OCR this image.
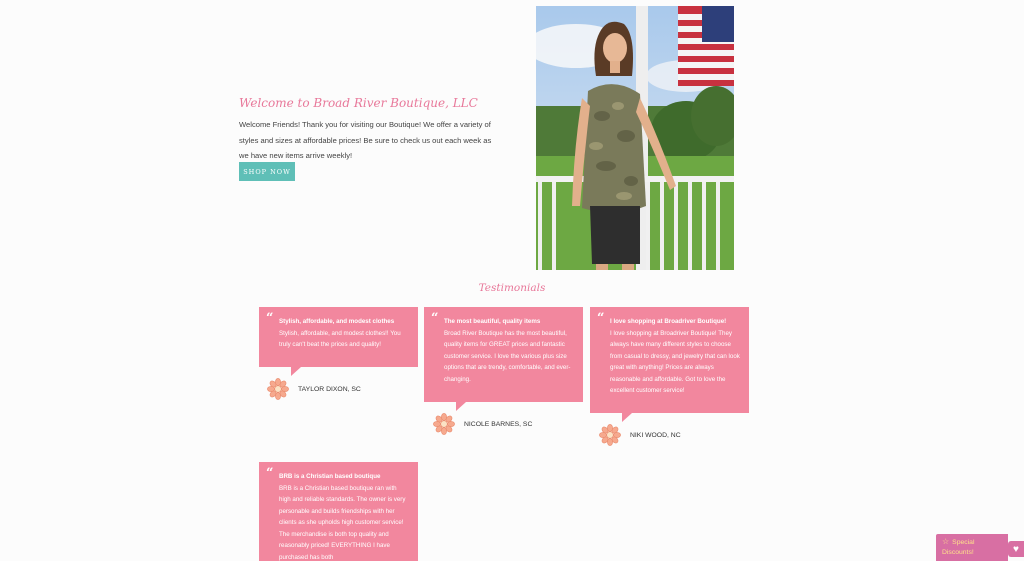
Welcome to Broad River Boutique, LLC

Welcome Friends! Thank you for visiting our Boutique! We offer a variety of styles and sizes at affordable prices! Be sure to check us out each week as we have new items arrive weekly!

SHOP NOW
Testimonials
“ Stylish, affordable, and modest clothes
Stylish, affordable, and modest clothes!! You truly can't beat the prices and quality!
TAYLOR DIXON, SC
“ The most beautiful, quality items
Broad River Boutique has the most beautiful, quality items for GREAT prices and fantastic customer service. I love the various plus size options that are trendy, comfortable, and ever-changing.
NICOLE BARNES, SC
“ I love shopping at Broadriver Boutique!
I love shopping at Broadriver Boutique! They always have many different styles to choose from casual to dressy, and jewelry that can look great with anything! Prices are always reasonable and affordable. Got to love the excellent customer service!
NIKI WOOD, NC
“ BRB is a Christian based boutique
BRB is a Christian based boutique ran with high and reliable standards. The owner is very personable and builds friendships with her clients as she upholds high customer service! The merchandise is both top quality and reasonably priced! EVERYTHING I have purchased has both
☆ Special Discounts!	♥
